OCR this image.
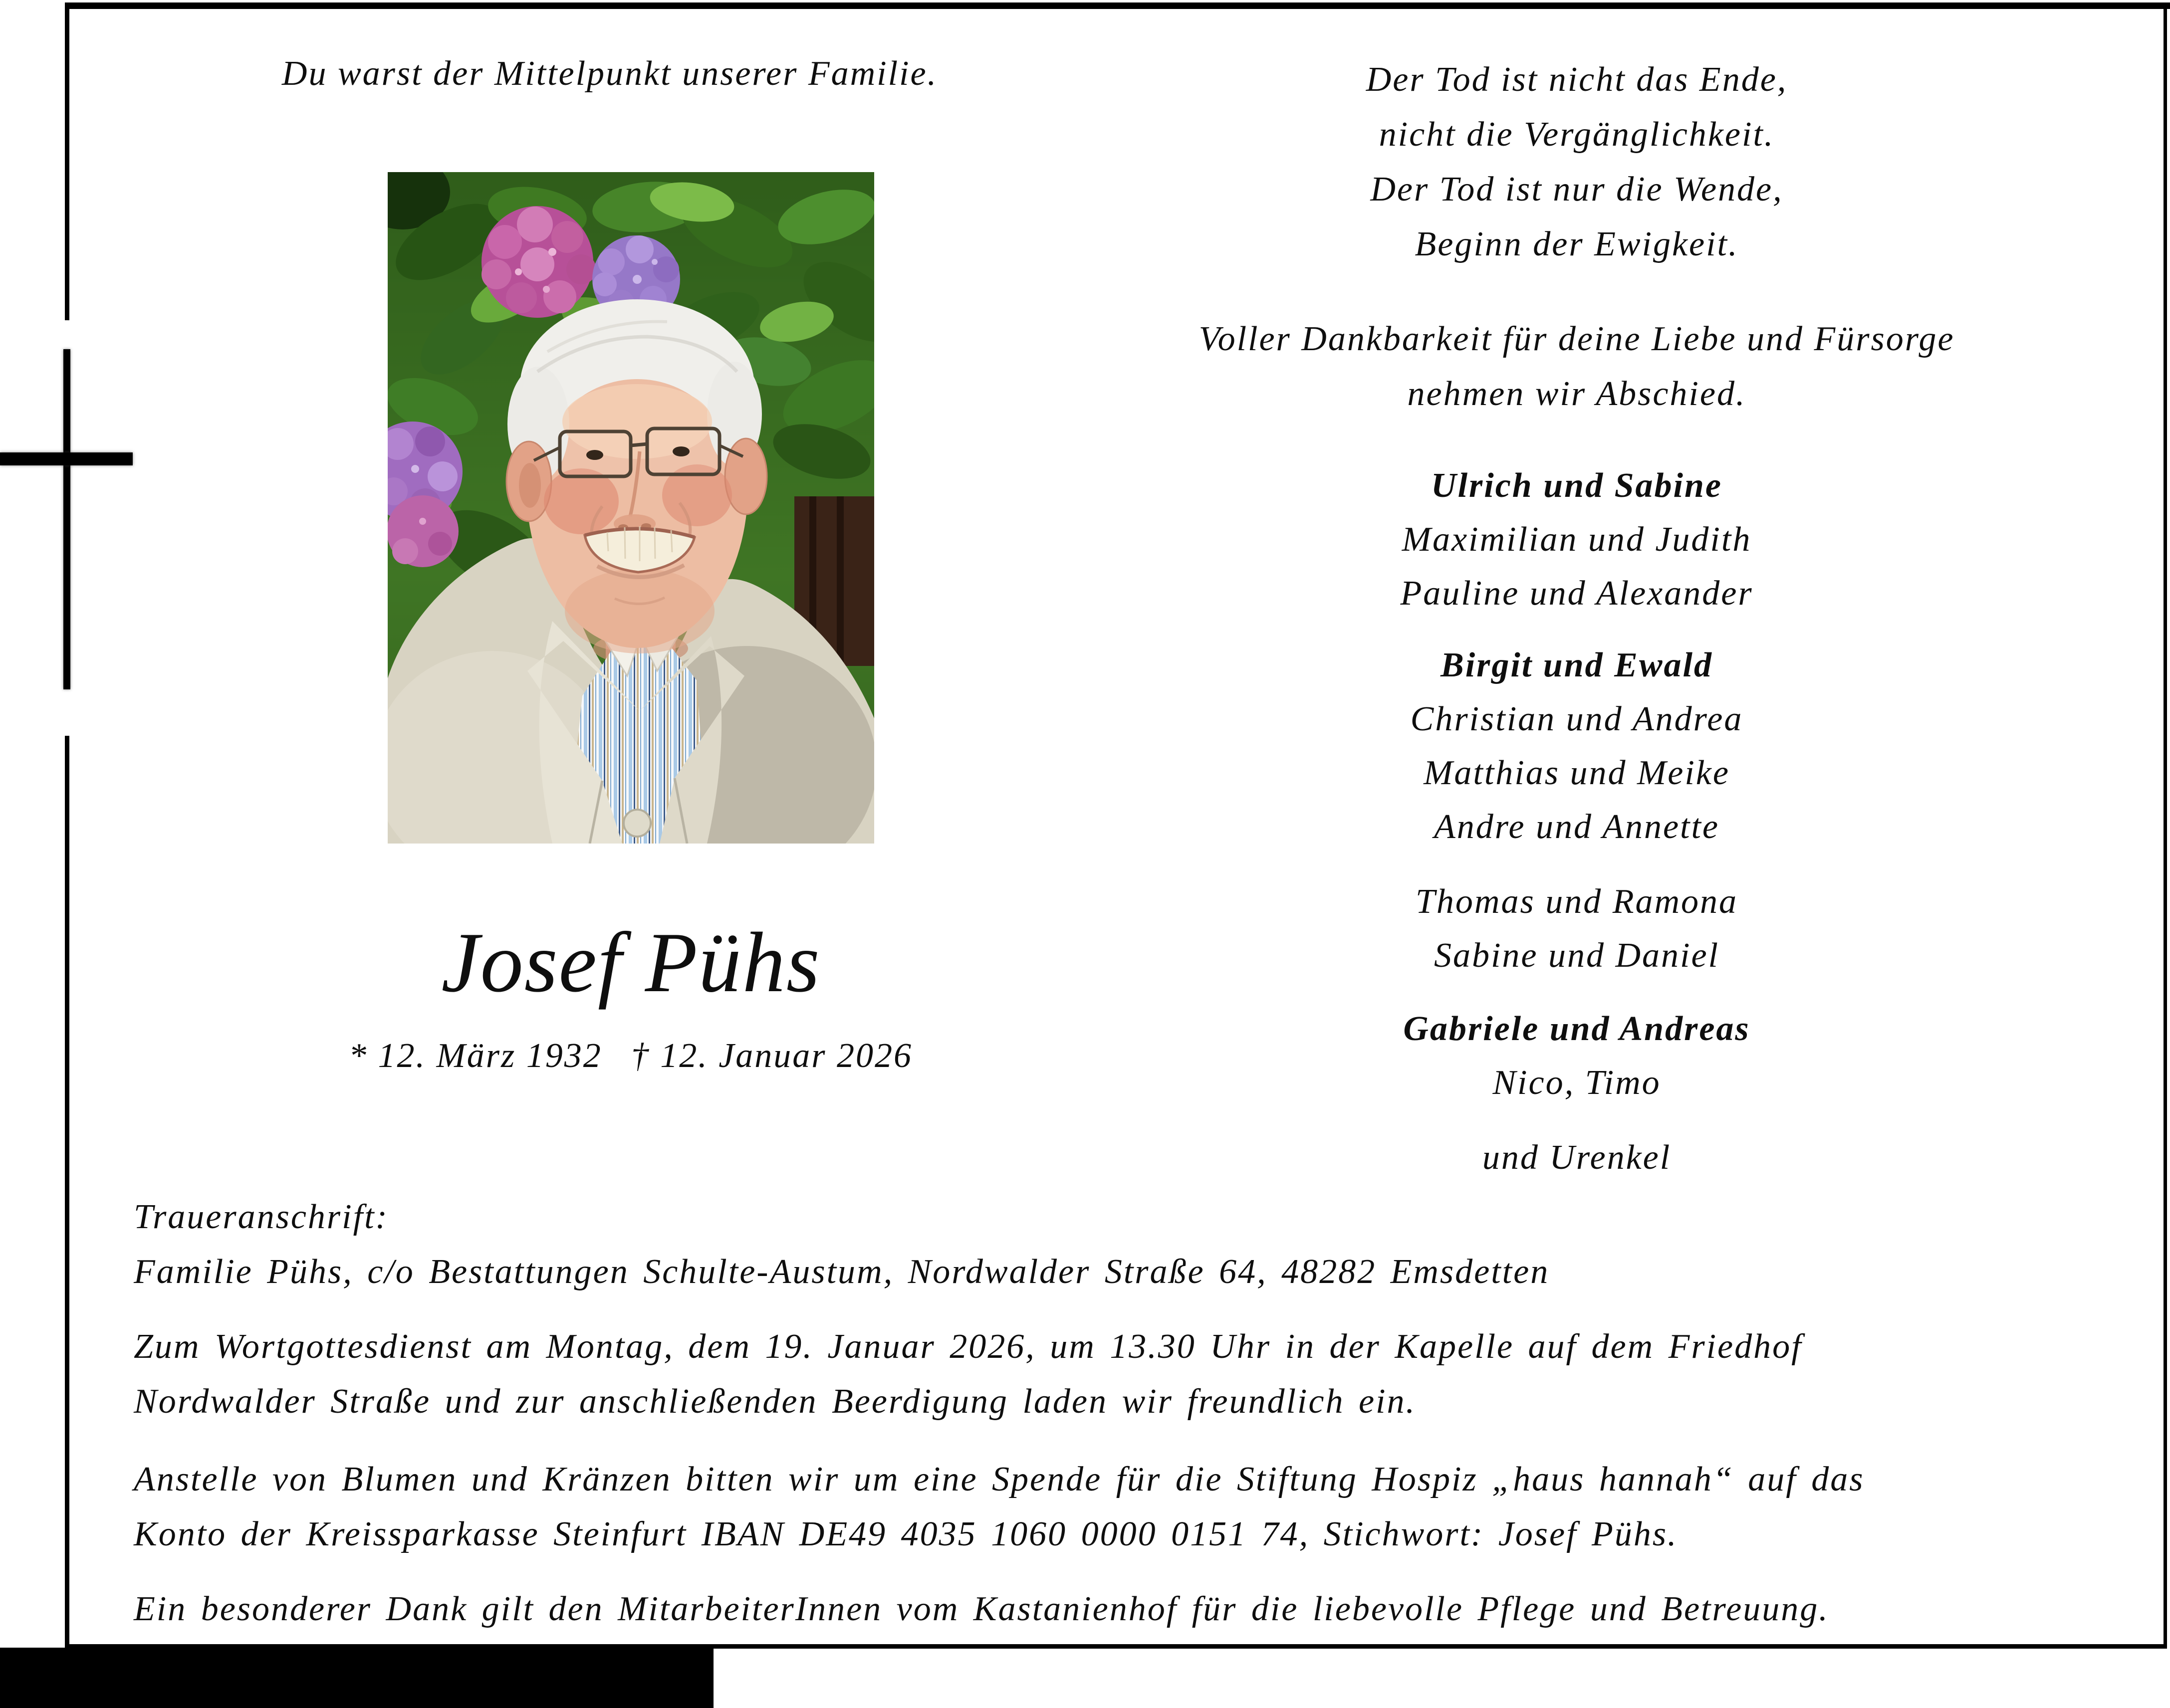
Du warst der Mittelpunkt unserer Familie.
Josef Pühs
* 12. März 1932 † 12. Januar 2026
Der Tod ist nicht das Ende,
nicht die Vergänglichkeit.
Der Tod ist nur die Wende,
Beginn der Ewigkeit.
Voller Dankbarkeit für deine Liebe und Fürsorge
nehmen wir Abschied.
Ulrich und Sabine
Maximilian und Judith
Pauline und Alexander
Birgit und Ewald
Christian und Andrea
Matthias und Meike
Andre und Annette
Thomas und Ramona
Sabine und Daniel
Gabriele und Andreas
Nico, Timo
und Urenkel
Traueranschrift:
Familie Pühs, c/o Bestattungen Schulte-Austum, Nordwalder Straße 64, 48282 Emsdetten
Zum Wortgottesdienst am Montag, dem 19. Januar 2026, um 13.30 Uhr in der Kapelle auf dem Friedhof
Nordwalder Straße und zur anschließenden Beerdigung laden wir freundlich ein.
Anstelle von Blumen und Kränzen bitten wir um eine Spende für die Stiftung Hospiz „haus hannah“ auf das
Konto der Kreissparkasse Steinfurt IBAN DE49 4035 1060 0000 0151 74, Stichwort: Josef Pühs.
Ein besonderer Dank gilt den MitarbeiterInnen vom Kastanienhof für die liebevolle Pflege und Betreuung.
